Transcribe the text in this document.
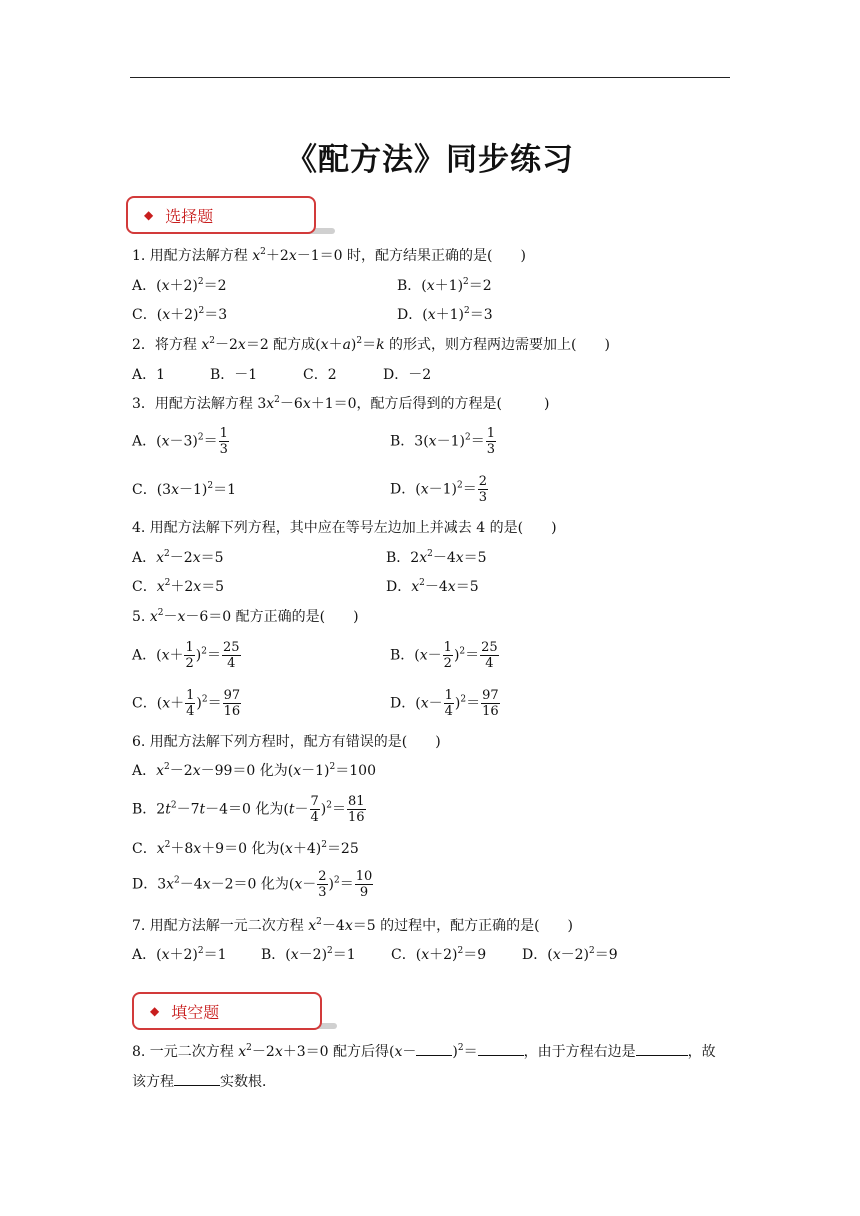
《配方法》同步练习
◆ 选择题
1. 用配方法解方程 $x^2+2x-1=0$ 时，配方结果正确的是(　　)
A．$(x+2)^2=2$	B．$(x+1)^2=2$
C．$(x+2)^2=3$	D．$(x+1)^2=3$
2．将方程 $x^2-2x=2$ 配方成$(x+a)^2=k$ 的形式，则方程两边需要加上(　　)
A．1	B．－1	C．2	D．－2
3．用配方法解方程 $3x^2-6x+1=0$，配方后得到的方程是(　　　)
A．$(x-3)^2= \frac{1}{3}$	B．$3(x-1)^2= \frac{1}{3}$
C．$(3x-1)^2=1$	D．$(x-1)^2= \frac{2}{3}$
4. 用配方法解下列方程，其中应在等号左边加上并减去 4 的是(　　)
A．$x^2-2x=5$	B．$2x^2-4x=5$
C．$x^2+2x=5$	D．$x^2-4x=5$
5. $x^2-x-6=0$ 配方正确的是(　　)
A．$(x+ \frac{1}{2} )^2= \frac{25}{4}$	B．$(x- \frac{1}{2} )^2= \frac{25}{4}$
C．$(x+ \frac{1}{4} )^2= \frac{97}{16}$	D．$(x- \frac{1}{4} )^2= \frac{97}{16}$
6. 用配方法解下列方程时，配方有错误的是(　　)
A．$x^2-2x-99=0$ 化为$(x-1)^2=100$
B．$2t^2-7t-4=0$ 化为$(t- \frac{7}{4} )^2= \frac{81}{16}$
C．$x^2+8x+9=0$ 化为$(x+4)^2=25$
D．$3x^2-4x-2=0$ 化为$(x- \frac{2}{3} )^2= \frac{10}{9}$
7. 用配方法解一元二次方程 $x^2-4x=5$ 的过程中，配方正确的是(　　)
A．$(x+2)^2=1$ B．$(x-2)^2=1$	C．$(x+2)^2=9$	D．$(x-2)^2=9$
◆ 填空题
8. 一元二次方程 $x^2-2x+3=0$ 配方后得(x－	)$^2$＝	，由于方程右边是	，故
该方程	实数根．
